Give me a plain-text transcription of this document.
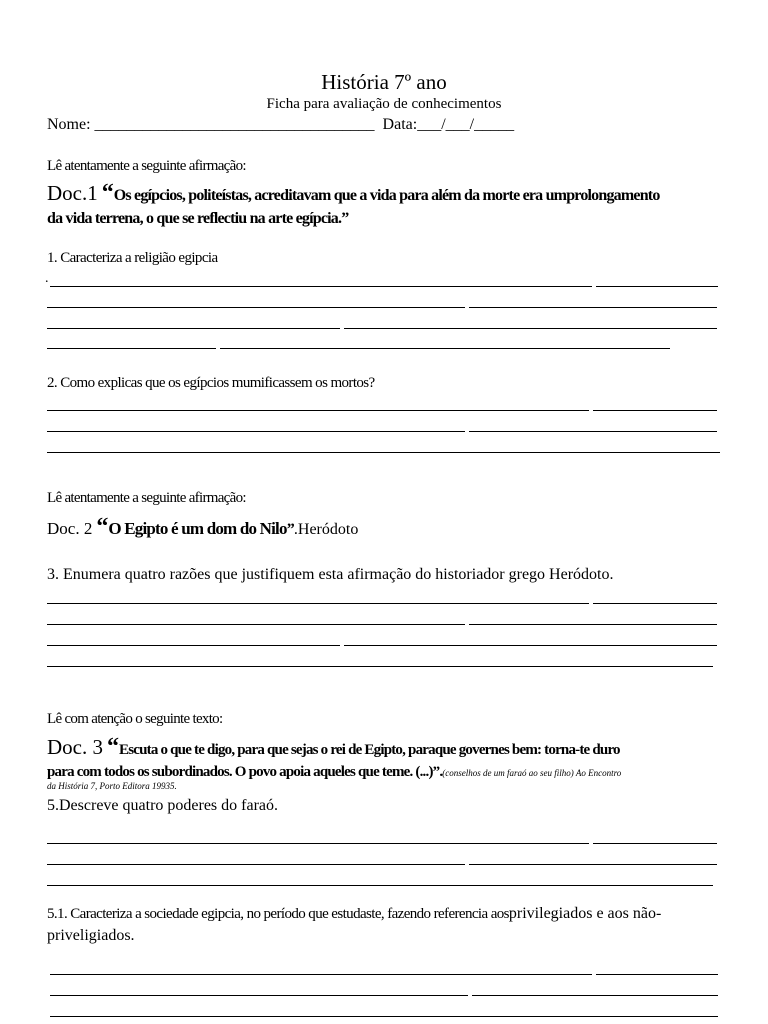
História 7º ano
Ficha para avaliação de conhecimentos
Nome: ___________________________________ Data:___/___/_____
Lê atentamente a seguinte afirmação:
Doc.1 “Os egípcios, politeístas, acreditavam que a vida para além da morte era umprolongamento
da vida terrena, o que se reflectiu na arte egípcia.”
1. Caracteriza a religião egipcia
.
2. Como explicas que os egípcios mumificassem os mortos?
Lê atentamente a seguinte afirmação:
Doc. 2 “O Egipto é um dom do Nilo”.Heródoto
3. Enumera quatro razões que justifiquem esta afirmação do historiador grego Heródoto.
Lê com atenção o seguinte texto:
Doc. 3 “Escuta o que te digo, para que sejas o rei de Egipto, paraque governes bem: torna-te duro
para com todos os subordinados. O povo apoia aqueles que teme. (...)”.(conselhos de um faraó ao seu filho) Ao Encontro
da História 7, Porto Editora 19935.
5.Descreve quatro poderes do faraó.
5.1. Caracteriza a sociedade egipcia, no período que estudaste, fazendo referencia aosprivilegiados e aos não-
priveligiados.
